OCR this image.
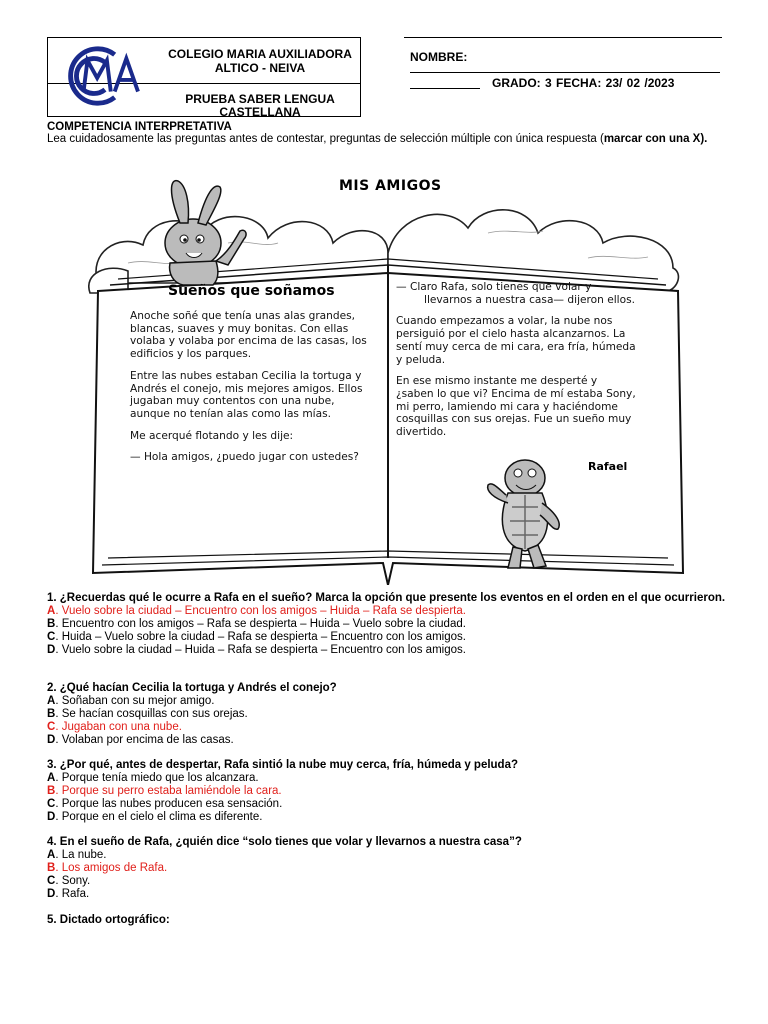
COLEGIO MARIA AUXILIADORA
ALTICO - NEIVA
PRUEBA SABER LENGUA
CASTELLANA
NOMBRE:
GRADO: 3 FECHA: 23/ 02 /2023
COMPETENCIA INTERPRETATIVA
Lea cuidadosamente las preguntas antes de contestar, preguntas de selección múltiple con única respuesta (marcar con una X).
MIS AMIGOS
Sueños que soñamos

Anoche soñé que tenía unas alas grandes, blancas, suaves y muy bonitas. Con ellas volaba y volaba por encima de las casas, los edificios y los parques.

Entre las nubes estaban Cecilia la tortuga y Andrés el conejo, mis mejores amigos. Ellos jugaban muy contentos con una nube, aunque no tenían alas como las mías.

Me acerqué flotando y les dije:

— Hola amigos, ¿puedo jugar con ustedes?

— Claro Rafa, solo tienes que volar y llevarnos a nuestra casa— dijeron ellos.

Cuando empezamos a volar, la nube nos persiguió por el cielo hasta alcanzarnos. La sentí muy cerca de mi cara, era fría, húmeda y peluda.

En ese mismo instante me desperté y ¿saben lo que vi? Encima de mí estaba Sony, mi perro, lamiendo mi cara y haciéndome cosquillas con sus orejas. Fue un sueño muy divertido.

Rafael
1. ¿Recuerdas qué le ocurre a Rafa en el sueño? Marca la opción que presente los eventos en el orden en el que ocurrieron.
A. Vuelo sobre la ciudad – Encuentro con los amigos – Huida – Rafa se despierta.
B. Encuentro con los amigos – Rafa se despierta – Huida – Vuelo sobre la ciudad.
C. Huida – Vuelo sobre la ciudad – Rafa se despierta – Encuentro con los amigos.
D. Vuelo sobre la ciudad – Huida – Rafa se despierta – Encuentro con los amigos.
2. ¿Qué hacían Cecilia la tortuga y Andrés el conejo?
A. Soñaban con su mejor amigo.
B. Se hacían cosquillas con sus orejas.
C. Jugaban con una nube.
D. Volaban por encima de las casas.
3. ¿Por qué, antes de despertar, Rafa sintió la nube muy cerca, fría, húmeda y peluda?
A. Porque tenía miedo que los alcanzara.
B. Porque su perro estaba lamiéndole la cara.
C. Porque las nubes producen esa sensación.
D. Porque en el cielo el clima es diferente.
4. En el sueño de Rafa, ¿quién dice “solo tienes que volar y llevarnos a nuestra casa”?
A. La nube.
B. Los amigos de Rafa.
C. Sony.
D. Rafa.
5. Dictado ortográfico:
